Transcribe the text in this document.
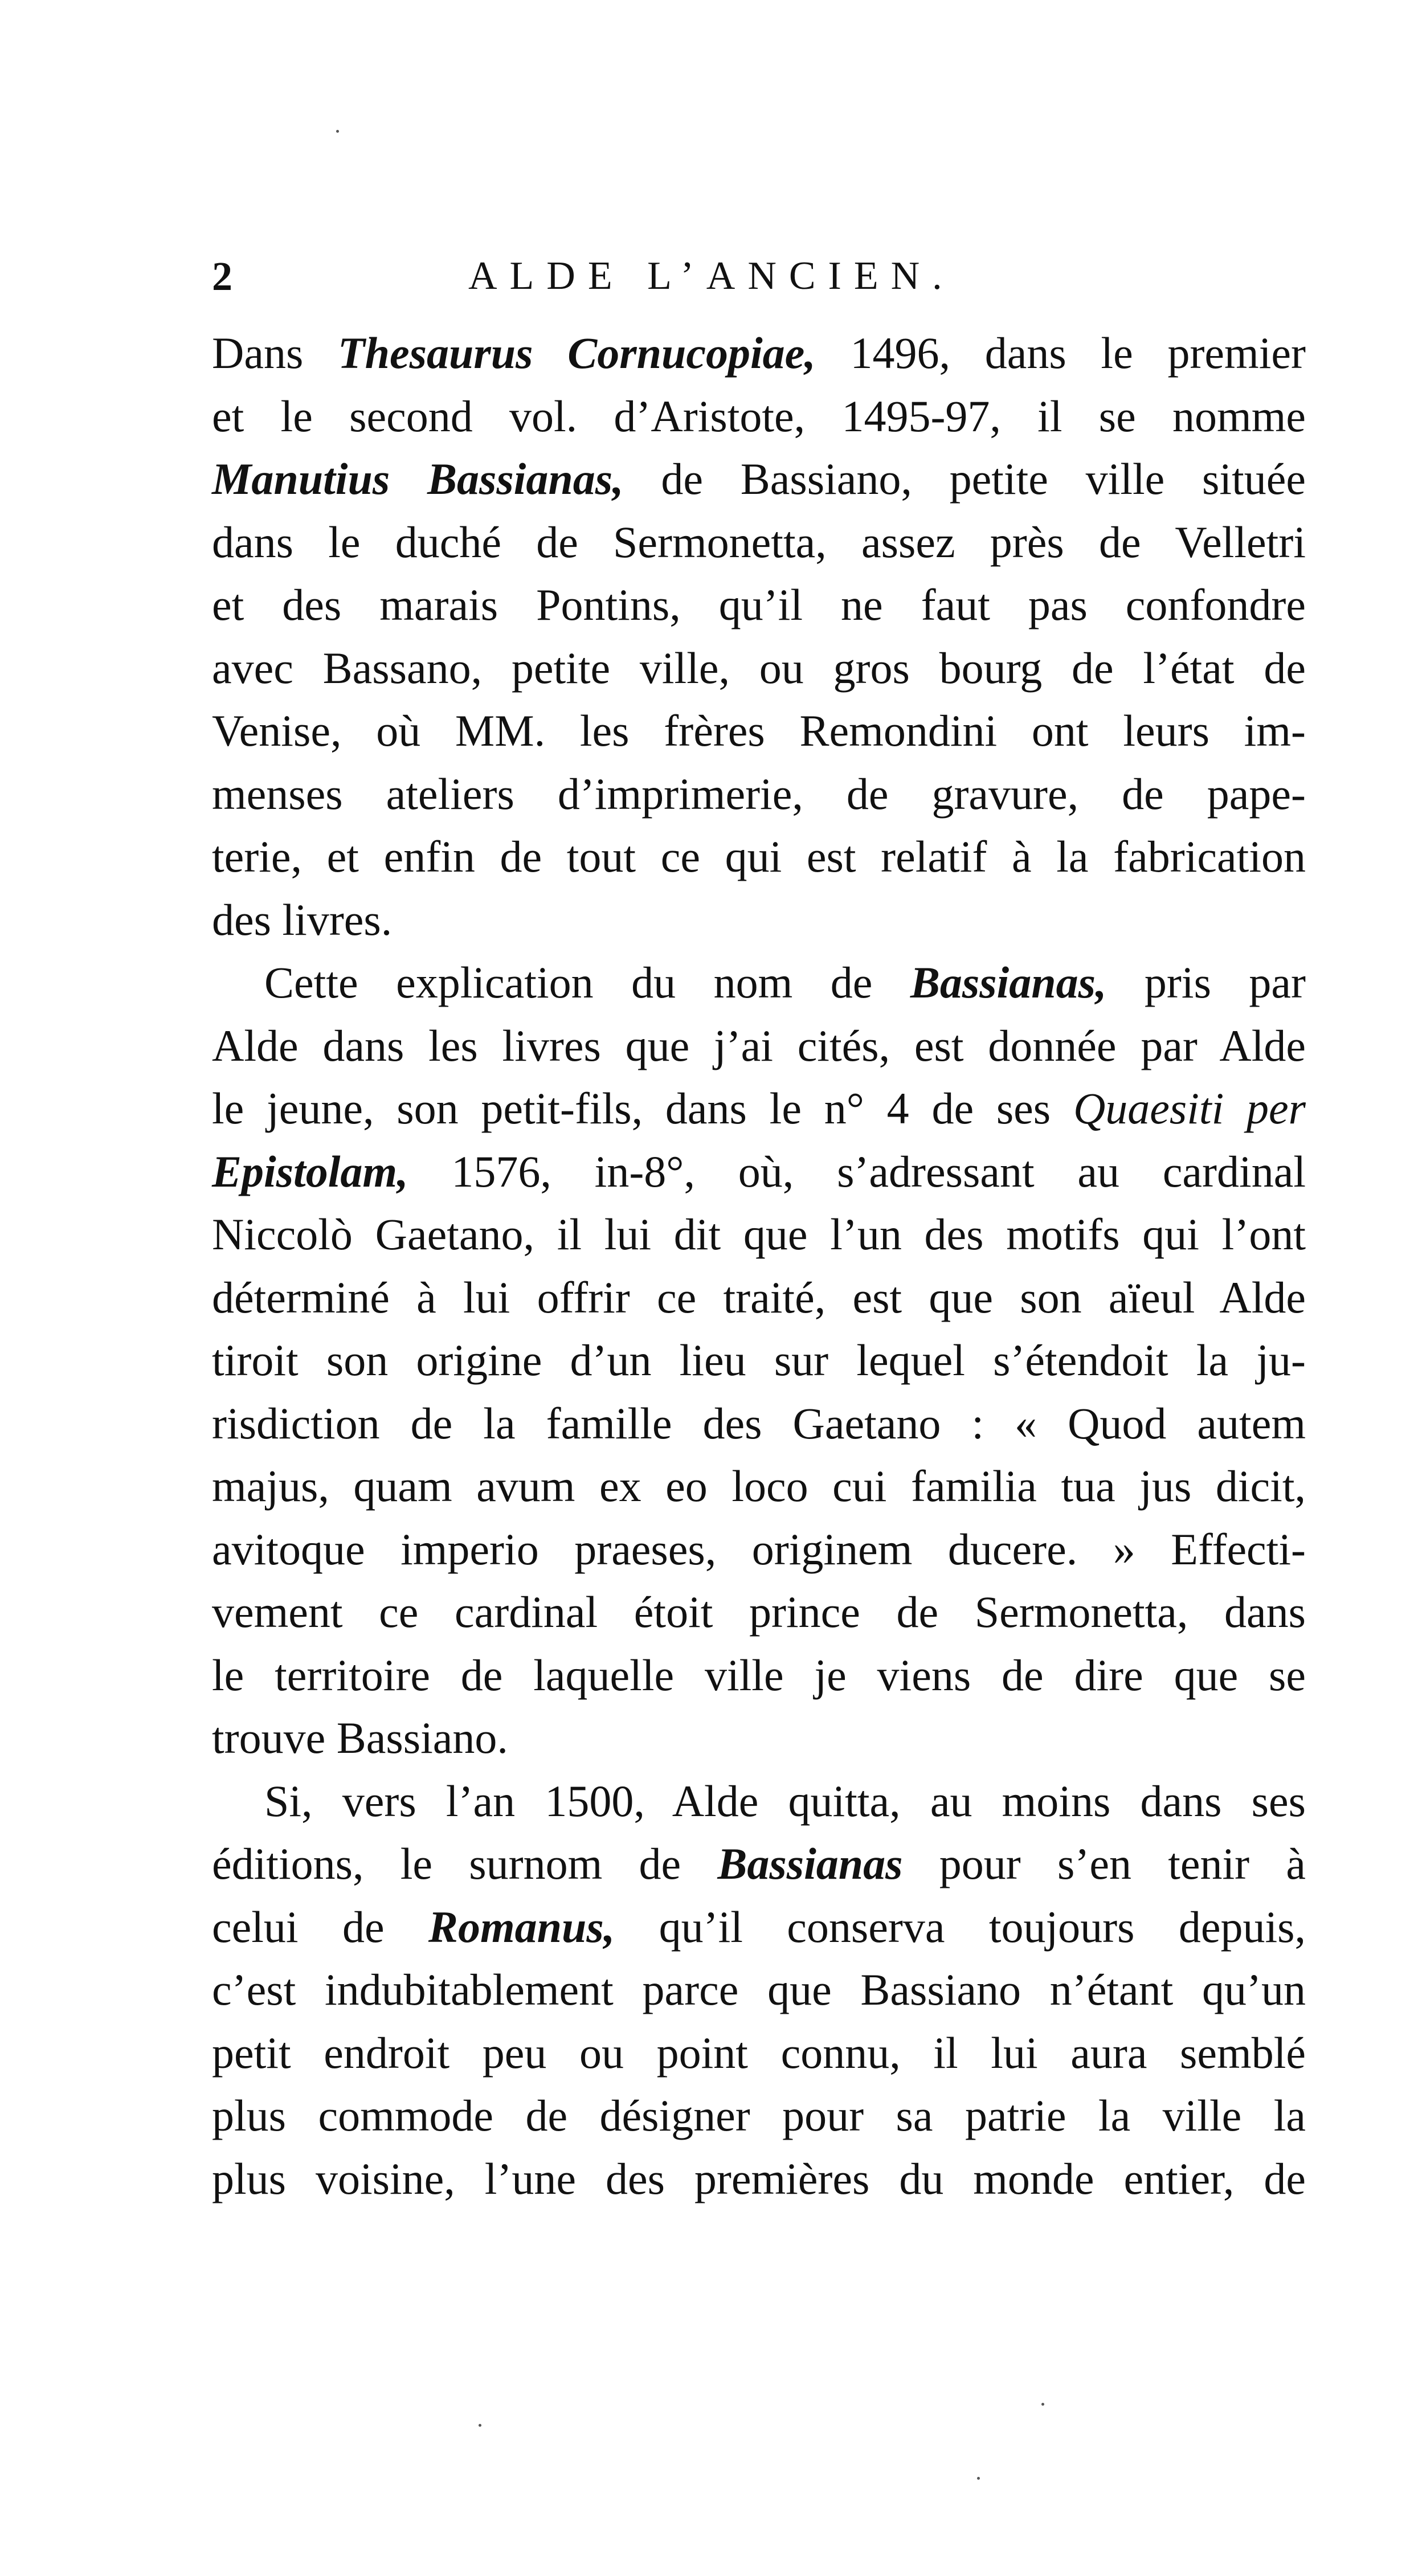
2	ALDE L’ANCIEN.
Dans Thesaurus Cornucopiae, 1496, dans le premier
et le second vol. d’Aristote, 1495-97, il se nomme
Manutius Bassianas, de Bassiano, petite ville située
dans le duché de Sermonetta, assez près de Velletri
et des marais Pontins, qu’il ne faut pas confondre
avec Bassano, petite ville, ou gros bourg de l’état de
Venise, où MM. les frères Remondini ont leurs im-
menses ateliers d’imprimerie, de gravure, de pape-
terie, et enfin de tout ce qui est relatif à la fabrication
des livres.
Cette explication du nom de Bassianas, pris par
Alde dans les livres que j’ai cités, est donnée par Alde
le jeune, son petit-fils, dans le n° 4 de ses Quaesiti per
Epistolam, 1576, in-8°, où, s’adressant au cardinal
Niccolò Gaetano, il lui dit que l’un des motifs qui l’ont
déterminé à lui offrir ce traité, est que son aïeul Alde
tiroit son origine d’un lieu sur lequel s’étendoit la ju-
risdiction de la famille des Gaetano : « Quod autem
majus, quam avum ex eo loco cui familia tua jus dicit,
avitoque imperio praeses, originem ducere. » Effecti-
vement ce cardinal étoit prince de Sermonetta, dans
le territoire de laquelle ville je viens de dire que se
trouve Bassiano.
Si, vers l’an 1500, Alde quitta, au moins dans ses
éditions, le surnom de Bassianas pour s’en tenir à
celui de Romanus, qu’il conserva toujours depuis,
c’est indubitablement parce que Bassiano n’étant qu’un
petit endroit peu ou point connu, il lui aura semblé
plus commode de désigner pour sa patrie la ville la
plus voisine, l’une des premières du monde entier, de
